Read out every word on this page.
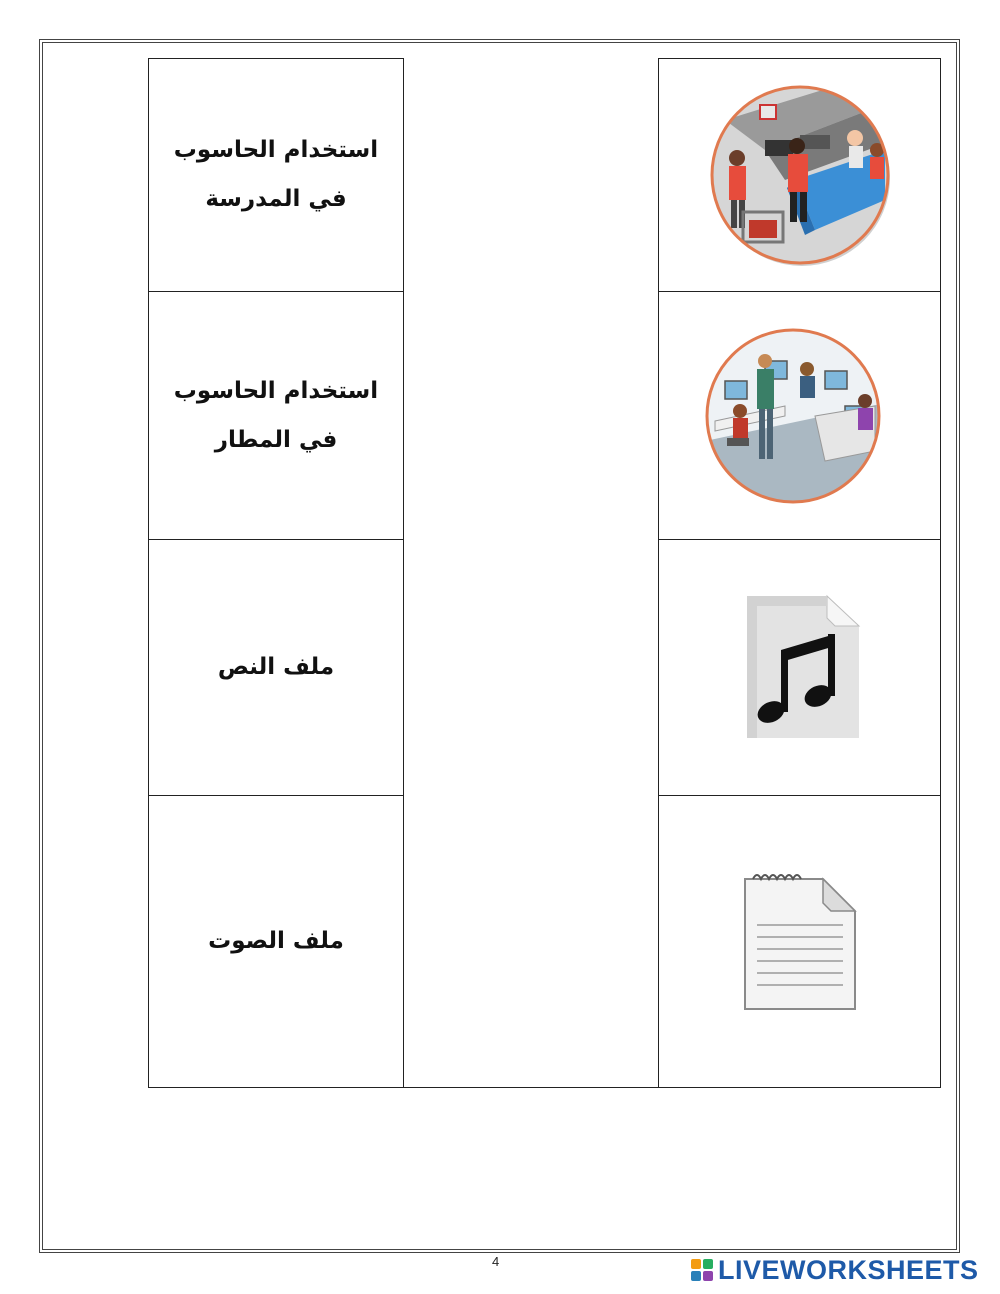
استخدام الحاسوب في المدرسة
استخدام الحاسوب في المطار
ملف النص
ملف الصوت
4	LIVEWORKSHEETS
